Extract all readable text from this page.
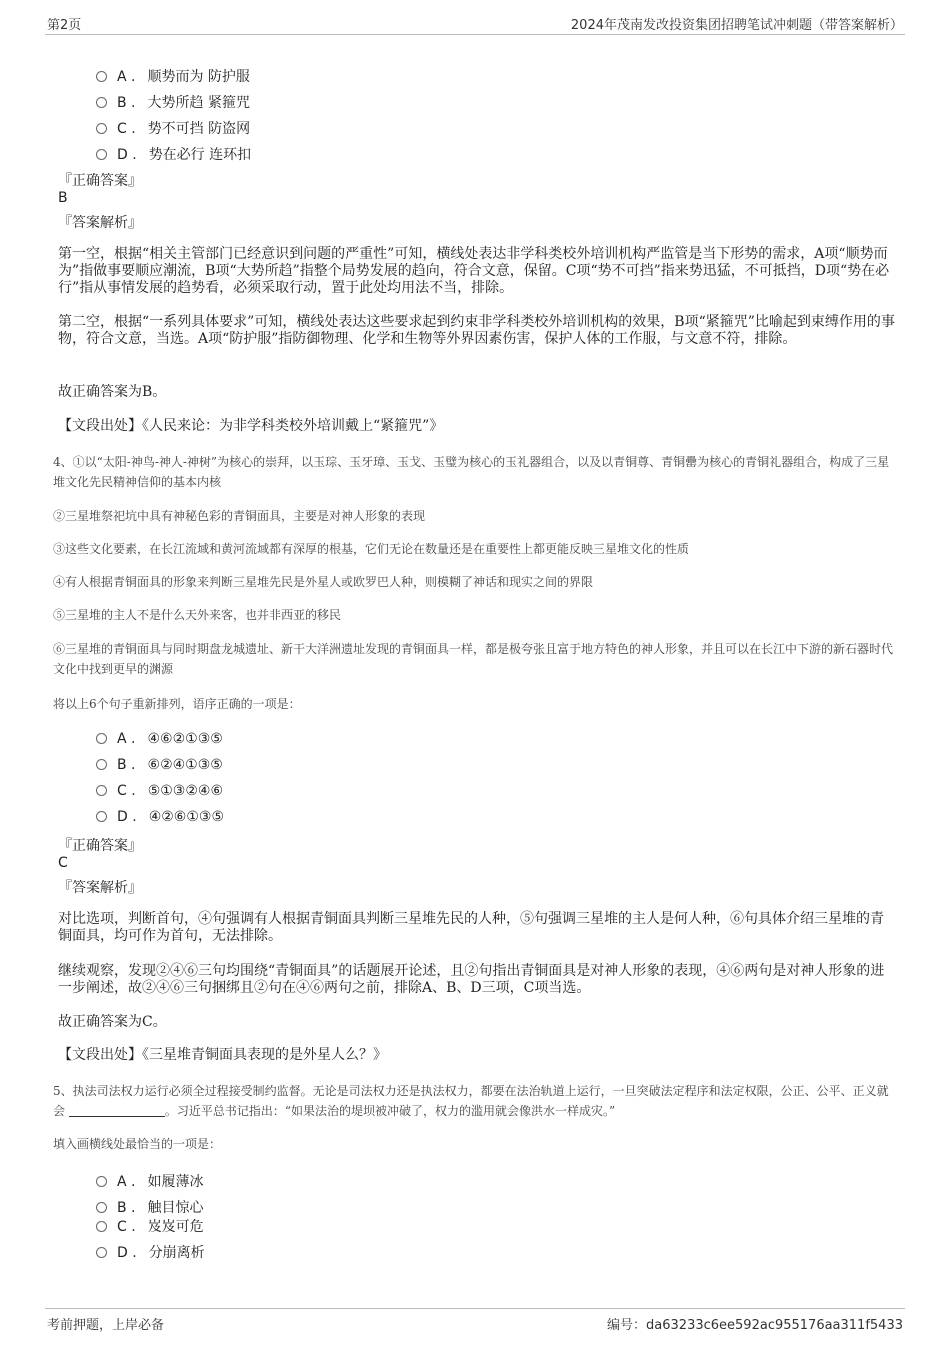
第2页	2024年茂南发改投资集团招聘笔试冲刺题（带答案解析）
A . 顺势而为 防护服
B . 大势所趋 紧箍咒
C . 势不可挡 防盗网
D . 势在必行 连环扣
『正确答案』
B
『答案解析』
第一空，根据“相关主管部门已经意识到问题的严重性”可知，横线处表达非学科类校外培训机构严监管是当下形势的需求，A项“顺势而为”指做事要顺应潮流，B项“大势所趋”指整个局势发展的趋向，符合文意，保留。C项“势不可挡”指来势迅猛，不可抵挡，D项“势在必行”指从事情发展的趋势看，必须采取行动，置于此处均用法不当，排除。
第二空，根据“一系列具体要求”可知，横线处表达这些要求起到约束非学科类校外培训机构的效果，B项“紧箍咒”比喻起到束缚作用的事物，符合文意，当选。A项“防护服”指防御物理、化学和生物等外界因素伤害，保护人体的工作服，与文意不符，排除。
故正确答案为B。
【文段出处】《人民来论：为非学科类校外培训戴上“紧箍咒”》
4、①以“太阳-神鸟-神人-神树”为核心的崇拜，以玉琮、玉牙璋、玉戈、玉璧为核心的玉礼器组合，以及以青铜尊、青铜罍为核心的青铜礼器组合，构成了三星堆文化先民精神信仰的基本内核
②三星堆祭祀坑中具有神秘色彩的青铜面具，主要是对神人形象的表现
③这些文化要素，在长江流域和黄河流域都有深厚的根基，它们无论在数量还是在重要性上都更能反映三星堆文化的性质
④有人根据青铜面具的形象来判断三星堆先民是外星人或欧罗巴人种，则模糊了神话和现实之间的界限
⑤三星堆的主人不是什么天外来客，也并非西亚的移民
⑥三星堆的青铜面具与同时期盘龙城遗址、新干大洋洲遗址发现的青铜面具一样，都是极夸张且富于地方特色的神人形象，并且可以在长江中下游的新石器时代文化中找到更早的渊源
将以上6个句子重新排列，语序正确的一项是：
A . ④⑥②①③⑤
B . ⑥②④①③⑤
C . ⑤①③②④⑥
D . ④②⑥①③⑤
『正确答案』
C
『答案解析』
对比选项，判断首句，④句强调有人根据青铜面具判断三星堆先民的人种，⑤句强调三星堆的主人是何人种，⑥句具体介绍三星堆的青铜面具，均可作为首句，无法排除。
继续观察，发现②④⑥三句均围绕“青铜面具”的话题展开论述，且②句指出青铜面具是对神人形象的表现，④⑥两句是对神人形象的进一步阐述，故②④⑥三句捆绑且②句在④⑥两句之前，排除A、B、D三项，C项当选。
故正确答案为C。
【文段出处】《三星堆青铜面具表现的是外星人么？》
5、执法司法权力运行必须全过程接受制约监督。无论是司法权力还是执法权力，都要在法治轨道上运行，一旦突破法定程序和法定权限，公正、公平、正义就会	。习近平总书记指出：“如果法治的堤坝被冲破了，权力的滥用就会像洪水一样成灾。”
填入画横线处最恰当的一项是：
A . 如履薄冰
B . 触目惊心
C . 岌岌可危
D . 分崩离析
考前押题，上岸必备	编号：da63233c6ee592ac955176aa311f5433
